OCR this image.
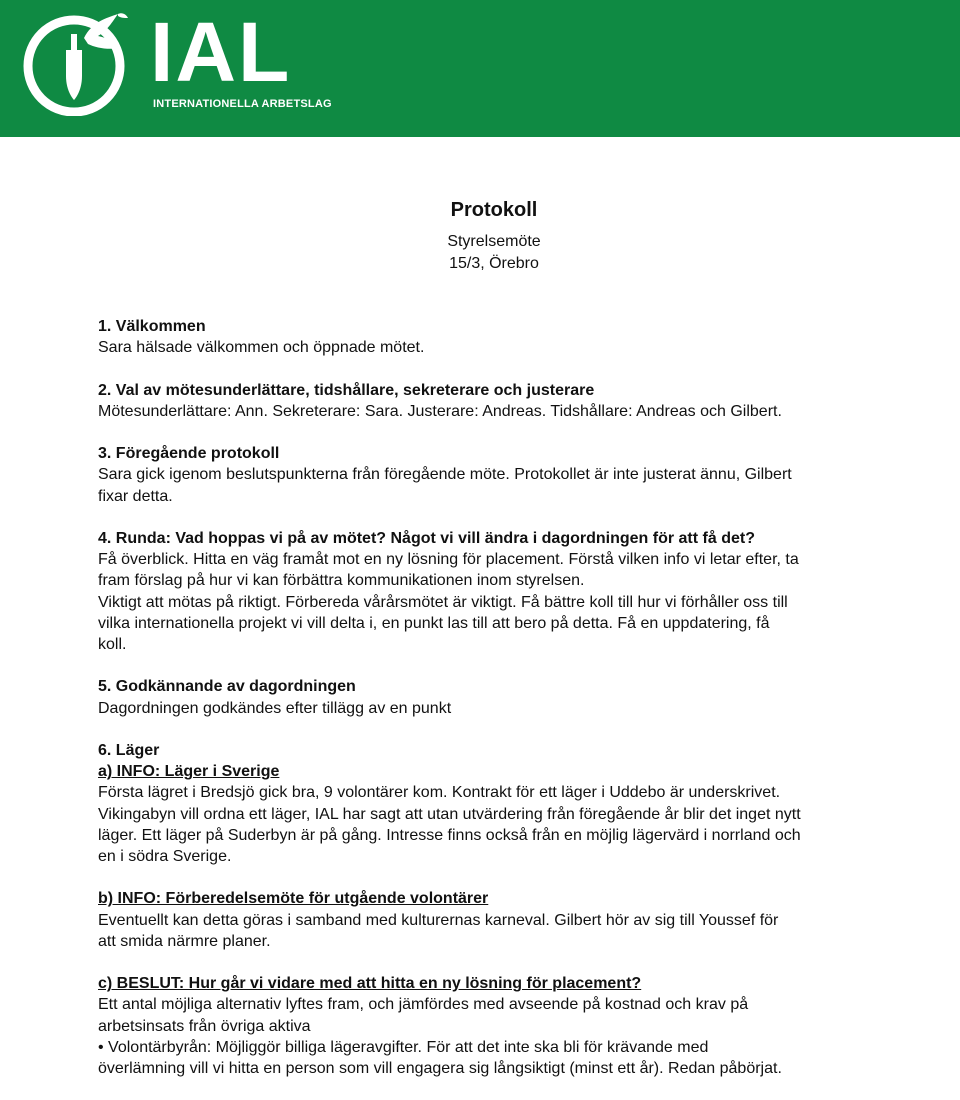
IAL
INTERNATIONELLA ARBETSLAG
Protokoll
Styrelsemöte
15/3, Örebro

1. Välkommen

Sara hälsade välkommen och öppnade mötet.

2. Val av mötesunderlättare, tidshållare, sekreterare och justerare

Mötesunderlättare: Ann. Sekreterare: Sara. Justerare: Andreas. Tidshållare: Andreas och Gilbert.

3. Föregående protokoll

Sara gick igenom beslutspunkterna från föregående möte. Protokollet är inte justerat ännu, Gilbert

fixar detta.

4. Runda: Vad hoppas vi på av mötet? Något vi vill ändra i dagordningen för att få det?

Få överblick. Hitta en väg framåt mot en ny lösning för placement. Förstå vilken info vi letar efter, ta

fram förslag på hur vi kan förbättra kommunikationen inom styrelsen.

Viktigt att mötas på riktigt. Förbereda vårårsmötet är viktigt. Få bättre koll till hur vi förhåller oss till

vilka internationella projekt vi vill delta i, en punkt las till att bero på detta. Få en uppdatering, få

koll.

5. Godkännande av dagordningen

Dagordningen godkändes efter tillägg av en punkt

6. Läger

a) INFO: Läger i Sverige

Första lägret i Bredsjö gick bra, 9 volontärer kom. Kontrakt för ett läger i Uddebo är underskrivet.

Vikingabyn vill ordna ett läger, IAL har sagt att utan utvärdering från föregående år blir det inget nytt

läger. Ett läger på Suderbyn är på gång. Intresse finns också från en möjlig lägervärd i norrland och

en i södra Sverige.

b) INFO: Förberedelsemöte för utgående volontärer

Eventuellt kan detta göras i samband med kulturernas karneval. Gilbert hör av sig till Youssef för

att smida närmre planer.

c) BESLUT: Hur går vi vidare med att hitta en ny lösning för placement?

Ett antal möjliga alternativ lyftes fram, och jämfördes med avseende på kostnad och krav på

arbetsinsats från övriga aktiva

• Volontärbyrån: Möjliggör billiga lägeravgifter. För att det inte ska bli för krävande med

överlämning vill vi hitta en person som vill engagera sig långsiktigt (minst ett år). Redan påbörjat.
